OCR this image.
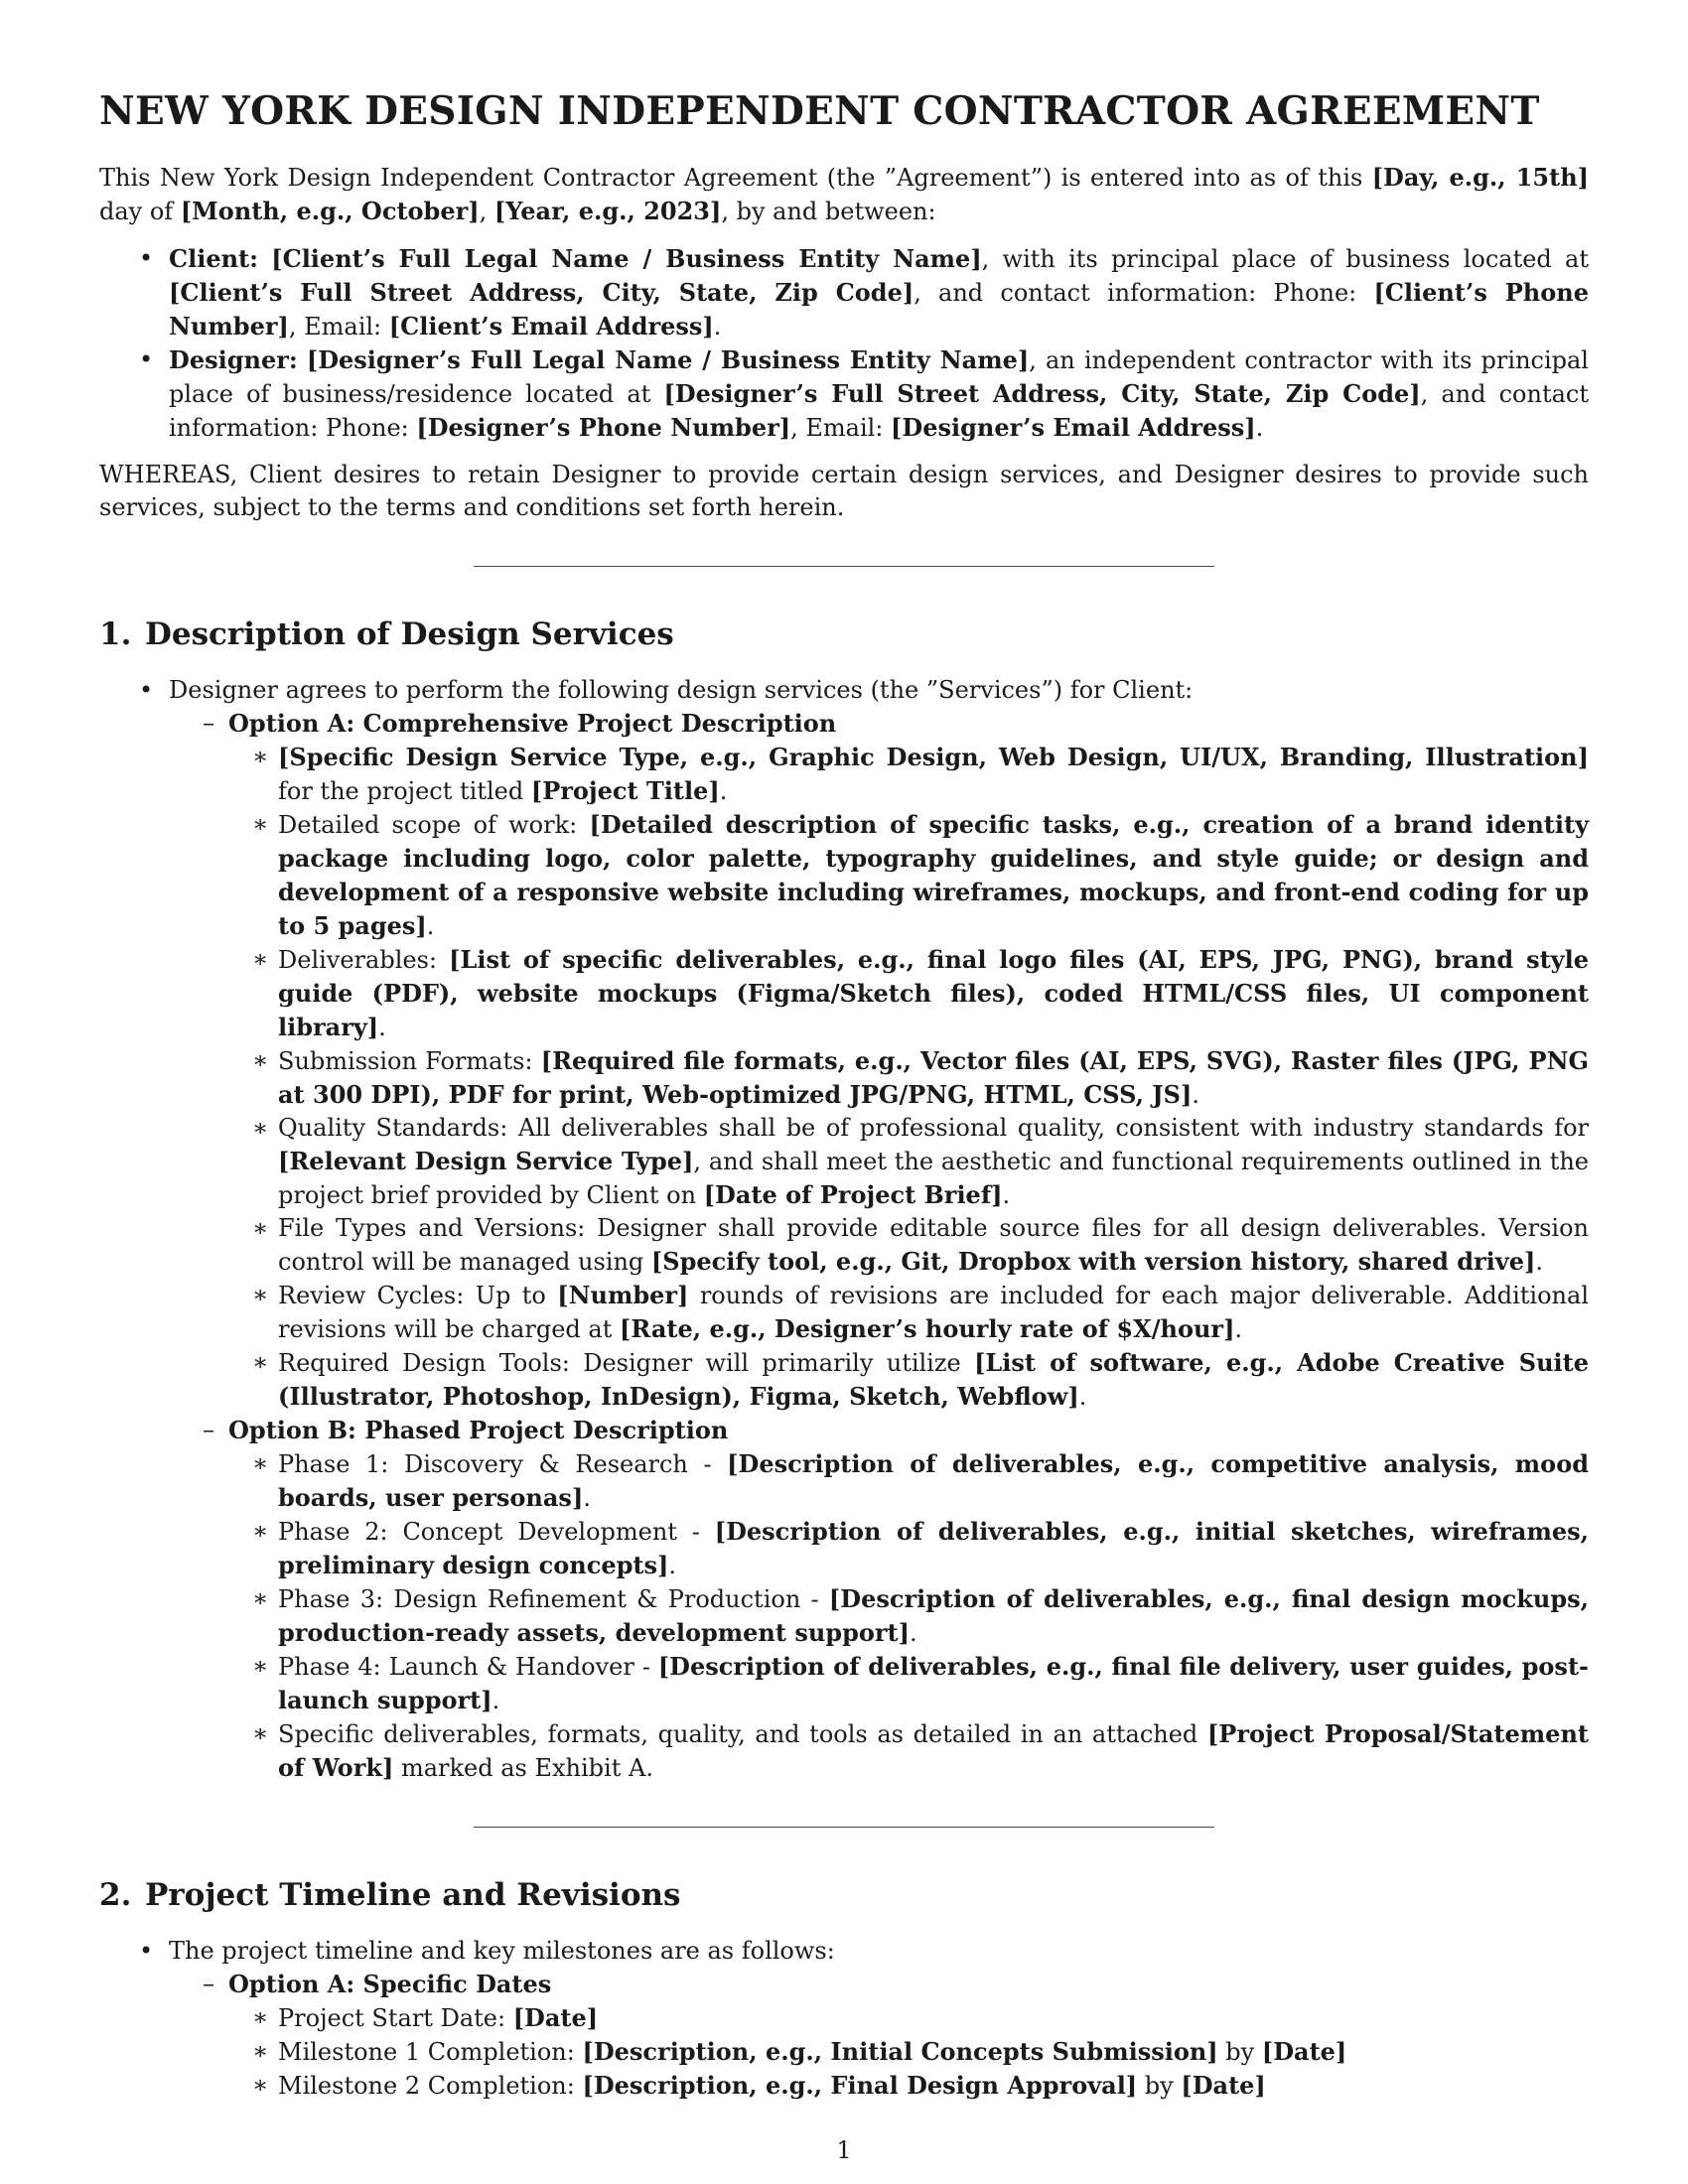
NEW YORK DESIGN INDEPENDENT CONTRACTOR AGREEMENT

This New York Design Independent Contractor Agreement (the ”Agreement”) is entered into as of this [Day, e.g., 15th] day of [Month, e.g., October], [Year, e.g., 2023], by and between:

• Client: [Client’s Full Legal Name / Business Entity Name], with its principal place of business located at [Client’s Full Street Address, City, State, Zip Code], and contact information: Phone: [Client’s Phone Number], Email: [Client’s Email Address].
• Designer: [Designer’s Full Legal Name / Business Entity Name], an independent contractor with its principal place of business/residence located at [Designer’s Full Street Address, City, State, Zip Code], and contact information: Phone: [Designer’s Phone Number], Email: [Designer’s Email Address].

WHEREAS, Client desires to retain Designer to provide certain design services, and Designer desires to provide such services, subject to the terms and conditions set forth herein.

1. Description of Design Services
• Designer agrees to perform the following design services (the ”Services”) for Client:
– Option A: Comprehensive Project Description
∗ [Specific Design Service Type, e.g., Graphic Design, Web Design, UI/UX, Branding, Illustration] for the project titled [Project Title].
∗ Detailed scope of work: [Detailed description of specific tasks, e.g., creation of a brand identity package including logo, color palette, typography guidelines, and style guide; or design and development of a responsive website including wireframes, mockups, and front-end coding for up to 5 pages].
∗ Deliverables: [List of specific deliverables, e.g., final logo files (AI, EPS, JPG, PNG), brand style guide (PDF), website mockups (Figma/Sketch files), coded HTML/CSS files, UI component library].
∗ Submission Formats: [Required file formats, e.g., Vector files (AI, EPS, SVG), Raster files (JPG, PNG at 300 DPI), PDF for print, Web-optimized JPG/PNG, HTML, CSS, JS].
∗ Quality Standards: All deliverables shall be of professional quality, consistent with industry standards for [Relevant Design Service Type], and shall meet the aesthetic and functional requirements outlined in the project brief provided by Client on [Date of Project Brief].
∗ File Types and Versions: Designer shall provide editable source files for all design deliverables. Version control will be managed using [Specify tool, e.g., Git, Dropbox with version history, shared drive].
∗ Review Cycles: Up to [Number] rounds of revisions are included for each major deliverable. Additional revisions will be charged at [Rate, e.g., Designer’s hourly rate of $X/hour].
∗ Required Design Tools: Designer will primarily utilize [List of software, e.g., Adobe Creative Suite (Illustrator, Photoshop, InDesign), Figma, Sketch, Webflow].
– Option B: Phased Project Description
∗ Phase 1: Discovery & Research - [Description of deliverables, e.g., competitive analysis, mood boards, user personas].
∗ Phase 2: Concept Development - [Description of deliverables, e.g., initial sketches, wireframes, preliminary design concepts].
∗ Phase 3: Design Refinement & Production - [Description of deliverables, e.g., final design mockups, production-ready assets, development support].
∗ Phase 4: Launch & Handover - [Description of deliverables, e.g., final file delivery, user guides, post-launch support].
∗ Specific deliverables, formats, quality, and tools as detailed in an attached [Project Proposal/Statement of Work] marked as Exhibit A.
2. Project Timeline and Revisions
• The project timeline and key milestones are as follows:
– Option A: Specific Dates
∗ Project Start Date: [Date]
∗ Milestone 1 Completion: [Description, e.g., Initial Concepts Submission] by [Date]
∗ Milestone 2 Completion: [Description, e.g., Final Design Approval] by [Date]
1
